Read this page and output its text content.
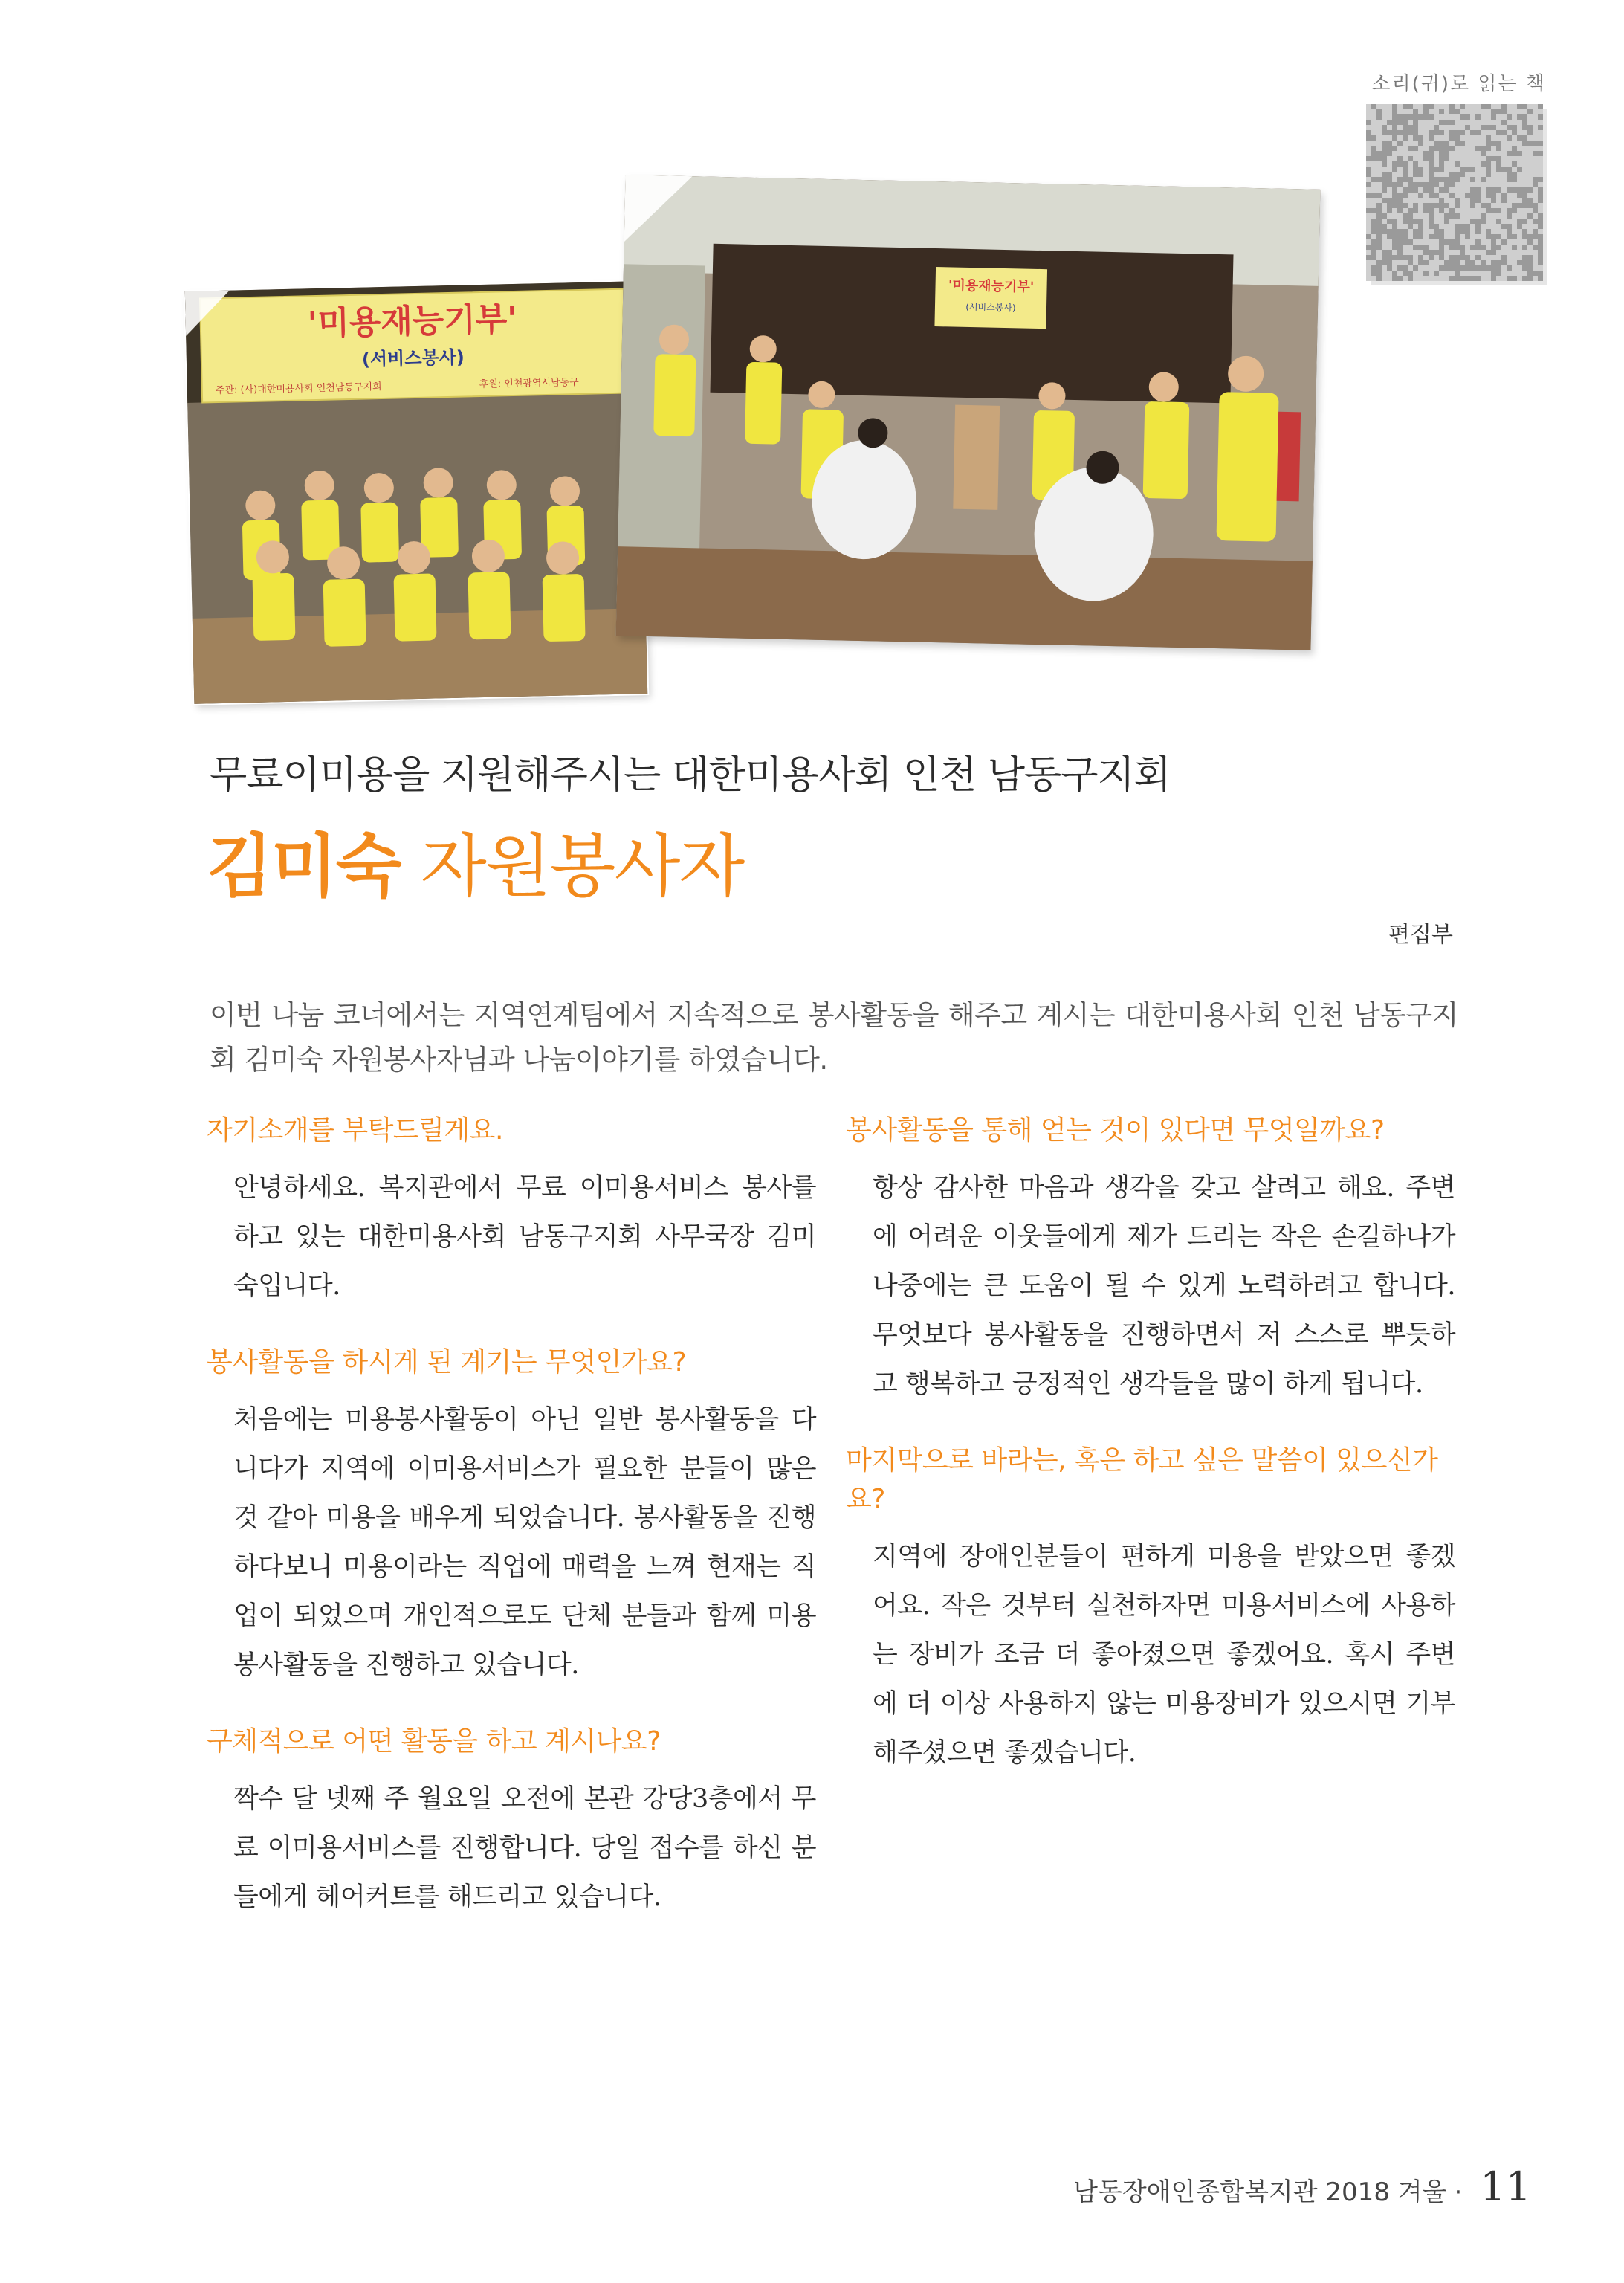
소리(귀)로 읽는 책
'미용재능기부'
(서비스봉사)
주관: (사)대한미용사회 인천남동구지회	후원: 인천광역시남동구
'미용재능기부'
(서비스봉사)
무료이미용을 지원해주시는 대한미용사회 인천 남동구지회
김미숙 자원봉사자
편집부
이번 나눔 코너에서는 지역연계팀에서 지속적으로 봉사활동을 해주고 계시는 대한미용사회 인천 남동구지회 김미숙 자원봉사자님과 나눔이야기를 하였습니다.
자기소개를 부탁드릴게요.
안녕하세요. 복지관에서 무료 이미용서비스 봉사를 하고 있는 대한미용사회 남동구지회 사무국장 김미숙입니다.
봉사활동을 하시게 된 계기는 무엇인가요?
처음에는 미용봉사활동이 아닌 일반 봉사활동을 다니다가 지역에 이미용서비스가 필요한 분들이 많은 것 같아 미용을 배우게 되었습니다. 봉사활동을 진행하다보니 미용이라는 직업에 매력을 느껴 현재는 직업이 되었으며 개인적으로도 단체 분들과 함께 미용봉사활동을 진행하고 있습니다.
구체적으로 어떤 활동을 하고 계시나요?
짝수 달 넷째 주 월요일 오전에 본관 강당3층에서 무료 이미용서비스를 진행합니다. 당일 접수를 하신 분들에게 헤어커트를 해드리고 있습니다.
봉사활동을 통해 얻는 것이 있다면 무엇일까요?
항상 감사한 마음과 생각을 갖고 살려고 해요. 주변에 어려운 이웃들에게 제가 드리는 작은 손길하나가 나중에는 큰 도움이 될 수 있게 노력하려고 합니다. 무엇보다 봉사활동을 진행하면서 저 스스로 뿌듯하고 행복하고 긍정적인 생각들을 많이 하게 됩니다.
마지막으로 바라는, 혹은 하고 싶은 말씀이 있으신가요?
지역에 장애인분들이 편하게 미용을 받았으면 좋겠어요. 작은 것부터 실천하자면 미용서비스에 사용하는 장비가 조금 더 좋아졌으면 좋겠어요. 혹시 주변에 더 이상 사용하지 않는 미용장비가 있으시면 기부해주셨으면 좋겠습니다.
남동장애인종합복지관 2018 겨울 · 11
